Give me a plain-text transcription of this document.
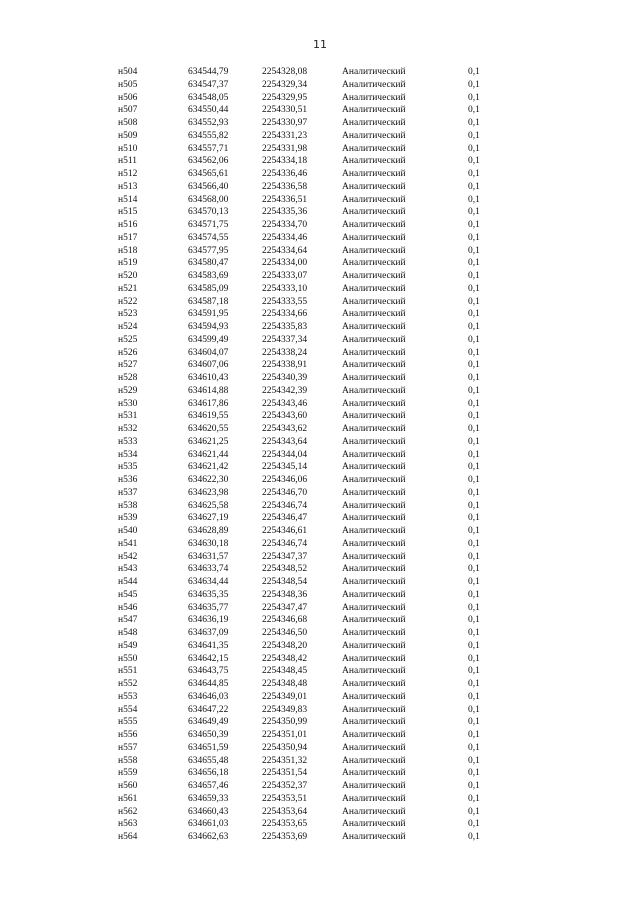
11
н504	634544,79	2254328,08	Аналитический	0,1
н505	634547,37	2254329,34	Аналитический	0,1
н506	634548,05	2254329,95	Аналитический	0,1
н507	634550,44	2254330,51	Аналитический	0,1
н508	634552,93	2254330,97	Аналитический	0,1
н509	634555,82	2254331,23	Аналитический	0,1
н510	634557,71	2254331,98	Аналитический	0,1
н511	634562,06	2254334,18	Аналитический	0,1
н512	634565,61	2254336,46	Аналитический	0,1
н513	634566,40	2254336,58	Аналитический	0,1
н514	634568,00	2254336,51	Аналитический	0,1
н515	634570,13	2254335,36	Аналитический	0,1
н516	634571,75	2254334,70	Аналитический	0,1
н517	634574,55	2254334,46	Аналитический	0,1
н518	634577,95	2254334,64	Аналитический	0,1
н519	634580,47	2254334,00	Аналитический	0,1
н520	634583,69	2254333,07	Аналитический	0,1
н521	634585,09	2254333,10	Аналитический	0,1
н522	634587,18	2254333,55	Аналитический	0,1
н523	634591,95	2254334,66	Аналитический	0,1
н524	634594,93	2254335,83	Аналитический	0,1
н525	634599,49	2254337,34	Аналитический	0,1
н526	634604,07	2254338,24	Аналитический	0,1
н527	634607,06	2254338,91	Аналитический	0,1
н528	634610,43	2254340,39	Аналитический	0,1
н529	634614,88	2254342,39	Аналитический	0,1
н530	634617,86	2254343,46	Аналитический	0,1
н531	634619,55	2254343,60	Аналитический	0,1
н532	634620,55	2254343,62	Аналитический	0,1
н533	634621,25	2254343,64	Аналитический	0,1
н534	634621,44	2254344,04	Аналитический	0,1
н535	634621,42	2254345,14	Аналитический	0,1
н536	634622,30	2254346,06	Аналитический	0,1
н537	634623,98	2254346,70	Аналитический	0,1
н538	634625,58	2254346,74	Аналитический	0,1
н539	634627,19	2254346,47	Аналитический	0,1
н540	634628,89	2254346,61	Аналитический	0,1
н541	634630,18	2254346,74	Аналитический	0,1
н542	634631,57	2254347,37	Аналитический	0,1
н543	634633,74	2254348,52	Аналитический	0,1
н544	634634,44	2254348,54	Аналитический	0,1
н545	634635,35	2254348,36	Аналитический	0,1
н546	634635,77	2254347,47	Аналитический	0,1
н547	634636,19	2254346,68	Аналитический	0,1
н548	634637,09	2254346,50	Аналитический	0,1
н549	634641,35	2254348,20	Аналитический	0,1
н550	634642,15	2254348,42	Аналитический	0,1
н551	634643,75	2254348,45	Аналитический	0,1
н552	634644,85	2254348,48	Аналитический	0,1
н553	634646,03	2254349,01	Аналитический	0,1
н554	634647,22	2254349,83	Аналитический	0,1
н555	634649,49	2254350,99	Аналитический	0,1
н556	634650,39	2254351,01	Аналитический	0,1
н557	634651,59	2254350,94	Аналитический	0,1
н558	634655,48	2254351,32	Аналитический	0,1
н559	634656,18	2254351,54	Аналитический	0,1
н560	634657,46	2254352,37	Аналитический	0,1
н561	634659,33	2254353,51	Аналитический	0,1
н562	634660,43	2254353,64	Аналитический	0,1
н563	634661,03	2254353,65	Аналитический	0,1
н564	634662,63	2254353,69	Аналитический	0,1
